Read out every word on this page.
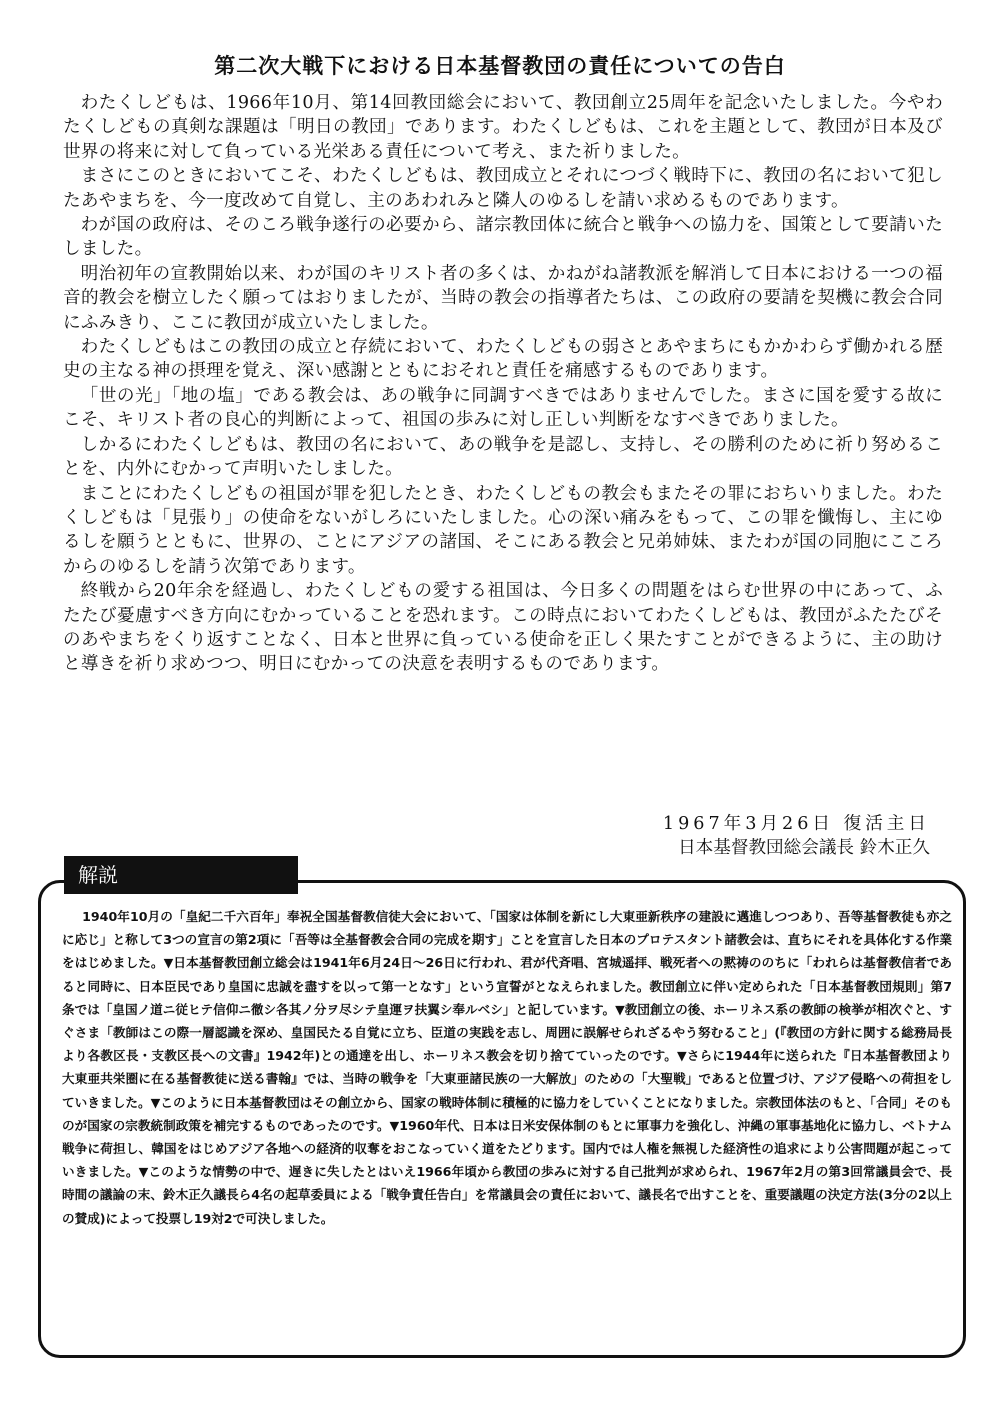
第二次大戦下における日本基督教団の責任についての告白

わたくしどもは、1966年10月、第14回教団総会において、教団創立25周年を記念いたしました。今やわたくしどもの真剣な課題は「明日の教団」であります。わたくしどもは、これを主題として、教団が日本及び世界の将来に対して負っている光栄ある責任について考え、また祈りました。

まさにこのときにおいてこそ、わたくしどもは、教団成立とそれにつづく戦時下に、教団の名において犯したあやまちを、今一度改めて自覚し、主のあわれみと隣人のゆるしを請い求めるものであります。

わが国の政府は、そのころ戦争遂行の必要から、諸宗教団体に統合と戦争への協力を、国策として要請いたしました。

明治初年の宣教開始以来、わが国のキリスト者の多くは、かねがね諸教派を解消して日本における一つの福音的教会を樹立したく願ってはおりましたが、当時の教会の指導者たちは、この政府の要請を契機に教会合同にふみきり、ここに教団が成立いたしました。

わたくしどもはこの教団の成立と存続において、わたくしどもの弱さとあやまちにもかかわらず働かれる歴史の主なる神の摂理を覚え、深い感謝とともにおそれと責任を痛感するものであります。

「世の光」「地の塩」である教会は、あの戦争に同調すべきではありませんでした。まさに国を愛する故にこそ、キリスト者の良心的判断によって、祖国の歩みに対し正しい判断をなすべきでありました。

しかるにわたくしどもは、教団の名において、あの戦争を是認し、支持し、その勝利のために祈り努めることを、内外にむかって声明いたしました。

まことにわたくしどもの祖国が罪を犯したとき、わたくしどもの教会もまたその罪におちいりました。わたくしどもは「見張り」の使命をないがしろにいたしました。心の深い痛みをもって、この罪を懺悔し、主にゆるしを願うとともに、世界の、ことにアジアの諸国、そこにある教会と兄弟姉妹、またわが国の同胞にこころからのゆるしを請う次第であります。

終戦から20年余を経過し、わたくしどもの愛する祖国は、今日多くの問題をはらむ世界の中にあって、ふたたび憂慮すべき方向にむかっていることを恐れます。この時点においてわたくしどもは、教団がふたたびそのあやまちをくり返すことなく、日本と世界に負っている使命を正しく果たすことができるように、主の助けと導きを祈り求めつつ、明日にむかっての決意を表明するものであります。

1967年3月26日 復活主日
日本基督教団総会議長 鈴木正久
解説

1940年10月の「皇紀二千六百年」奉祝全国基督教信徒大会において、「国家は体制を新にし大東亜新秩序の建設に邁進しつつあり、吾等基督教徒も亦之に応じ」と称して3つの宣言の第2項に「吾等は全基督教会合同の完成を期す」ことを宣言した日本のプロテスタント諸教会は、直ちにそれを具体化する作業をはじめました。▼日本基督教団創立総会は1941年6月24日～26日に行われ、君が代斉唱、宮城遥拝、戦死者への黙祷ののちに「われらは基督教信者であると同時に、日本臣民であり皇国に忠誠を盡すを以って第一となす」という宣誓がとなえられました。教団創立に伴い定められた「日本基督教団規則」第7条では「皇国ノ道ニ従ヒテ信仰ニ徹シ各其ノ分ヲ尽シテ皇運ヲ扶翼シ奉ルベシ」と記しています。▼教団創立の後、ホーリネス系の教師の検挙が相次ぐと、すぐさま「教師はこの際一層認識を深め、皇国民たる自覚に立ち、臣道の実践を志し、周囲に誤解せられざるやう努むること」(『教団の方針に関する総務局長より各教区長・支教区長への文書』1942年)との通達を出し、ホーリネス教会を切り捨てていったのです。▼さらに1944年に送られた『日本基督教団より大東亜共栄圏に在る基督教徒に送る書翰』では、当時の戦争を「大東亜諸民族の一大解放」のための「大聖戦」であると位置づけ、アジア侵略への荷担をしていきました。▼このように日本基督教団はその創立から、国家の戦時体制に積極的に協力をしていくことになりました。宗教団体法のもと、「合同」そのものが国家の宗教統制政策を補完するものであったのです。▼1960年代、日本は日米安保体制のもとに軍事力を強化し、沖縄の軍事基地化に協力し、ベトナム戦争に荷担し、韓国をはじめアジア各地への経済的収奪をおこなっていく道をたどります。国内では人権を無視した経済性の追求により公害問題が起こっていきました。▼このような情勢の中で、遅きに失したとはいえ1966年頃から教団の歩みに対する自己批判が求められ、1967年2月の第3回常議員会で、長時間の議論の末、鈴木正久議長ら4名の起草委員による「戦争責任告白」を常議員会の責任において、議長名で出すことを、重要議題の決定方法(3分の2以上の賛成)によって投票し19対2で可決しました。
